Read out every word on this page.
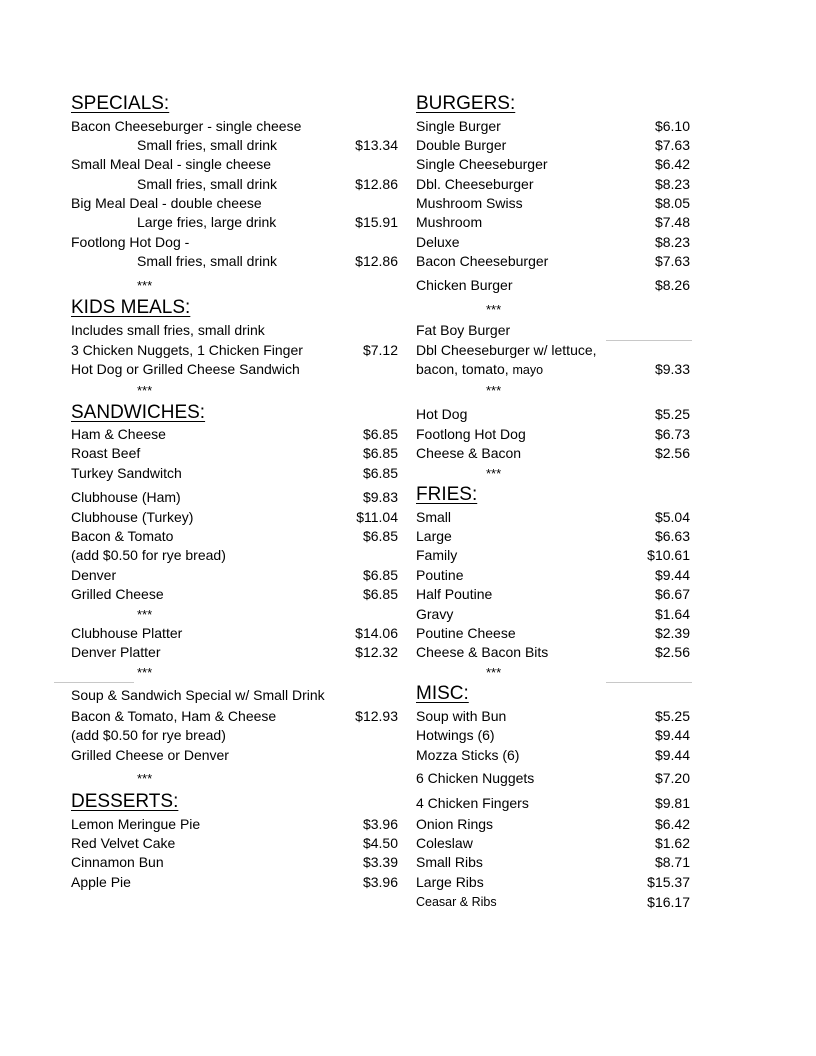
SPECIALS:
Bacon Cheeseburger - single cheese
Small fries, small drink	$13.34
Small Meal Deal - single cheese
Small fries, small drink	$12.86
Big Meal Deal - double cheese
Large fries, large drink	$15.91
Footlong Hot Dog -
Small fries, small drink	$12.86
***
KIDS MEALS:
Includes small fries, small drink
3 Chicken Nuggets, 1 Chicken Finger	$7.12
Hot Dog or Grilled Cheese Sandwich
***
SANDWICHES:
Ham & Cheese	$6.85
Roast Beef	$6.85
Turkey Sandwitch	$6.85
Clubhouse (Ham)	$9.83
Clubhouse (Turkey)	$11.04
Bacon & Tomato	$6.85
(add $0.50 for rye bread)
Denver	$6.85
Grilled Cheese	$6.85
***
Clubhouse Platter	$14.06
Denver Platter	$12.32
***
Soup & Sandwich Special w/ Small Drink
Bacon & Tomato, Ham & Cheese	$12.93
(add $0.50 for rye bread)
Grilled Cheese or Denver
***
DESSERTS:
Lemon Meringue Pie	$3.96
Red Velvet Cake	$4.50
Cinnamon Bun	$3.39
Apple Pie	$3.96
BURGERS:
Single Burger	$6.10
Double Burger	$7.63
Single Cheeseburger	$6.42
Dbl. Cheeseburger	$8.23
Mushroom Swiss	$8.05
Mushroom	$7.48
Deluxe	$8.23
Bacon Cheeseburger	$7.63
Chicken Burger	$8.26
***
Fat Boy Burger
Dbl Cheeseburger w/ lettuce,
bacon, tomato, mayo	$9.33
***
Hot Dog	$5.25
Footlong Hot Dog	$6.73
Cheese & Bacon	$2.56
***
FRIES:
Small	$5.04
Large	$6.63
Family	$10.61
Poutine	$9.44
Half Poutine	$6.67
Gravy	$1.64
Poutine Cheese	$2.39
Cheese & Bacon Bits	$2.56
***
MISC:
Soup with Bun	$5.25
Hotwings (6)	$9.44
Mozza Sticks (6)	$9.44
6 Chicken Nuggets	$7.20
4 Chicken Fingers	$9.81
Onion Rings	$6.42
Coleslaw	$1.62
Small Ribs	$8.71
Large Ribs	$15.37
Ceasar & Ribs	$16.17
